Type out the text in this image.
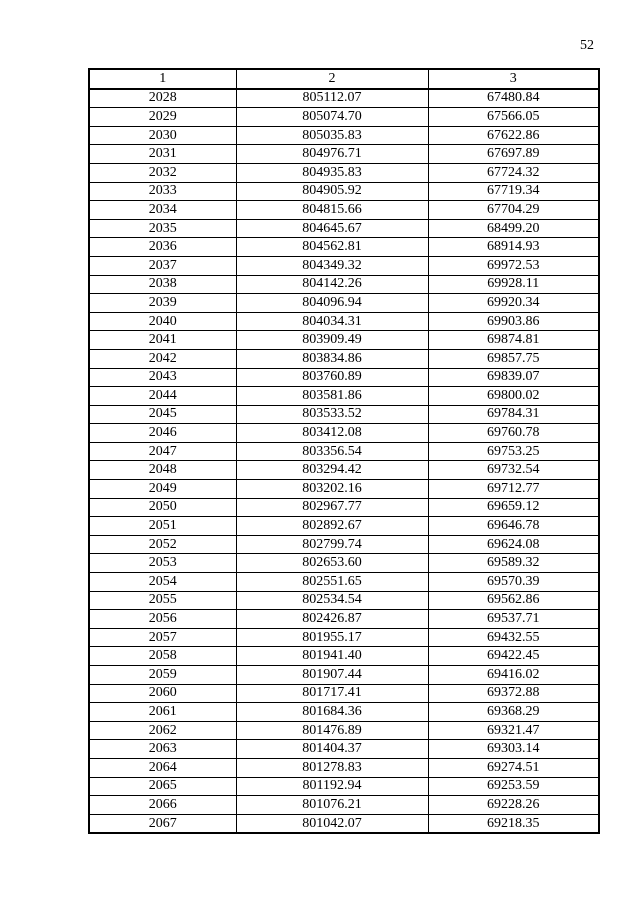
52
1	2	3
2028	805112.07	67480.84
2029	805074.70	67566.05
2030	805035.83	67622.86
2031	804976.71	67697.89
2032	804935.83	67724.32
2033	804905.92	67719.34
2034	804815.66	67704.29
2035	804645.67	68499.20
2036	804562.81	68914.93
2037	804349.32	69972.53
2038	804142.26	69928.11
2039	804096.94	69920.34
2040	804034.31	69903.86
2041	803909.49	69874.81
2042	803834.86	69857.75
2043	803760.89	69839.07
2044	803581.86	69800.02
2045	803533.52	69784.31
2046	803412.08	69760.78
2047	803356.54	69753.25
2048	803294.42	69732.54
2049	803202.16	69712.77
2050	802967.77	69659.12
2051	802892.67	69646.78
2052	802799.74	69624.08
2053	802653.60	69589.32
2054	802551.65	69570.39
2055	802534.54	69562.86
2056	802426.87	69537.71
2057	801955.17	69432.55
2058	801941.40	69422.45
2059	801907.44	69416.02
2060	801717.41	69372.88
2061	801684.36	69368.29
2062	801476.89	69321.47
2063	801404.37	69303.14
2064	801278.83	69274.51
2065	801192.94	69253.59
2066	801076.21	69228.26
2067	801042.07	69218.35
